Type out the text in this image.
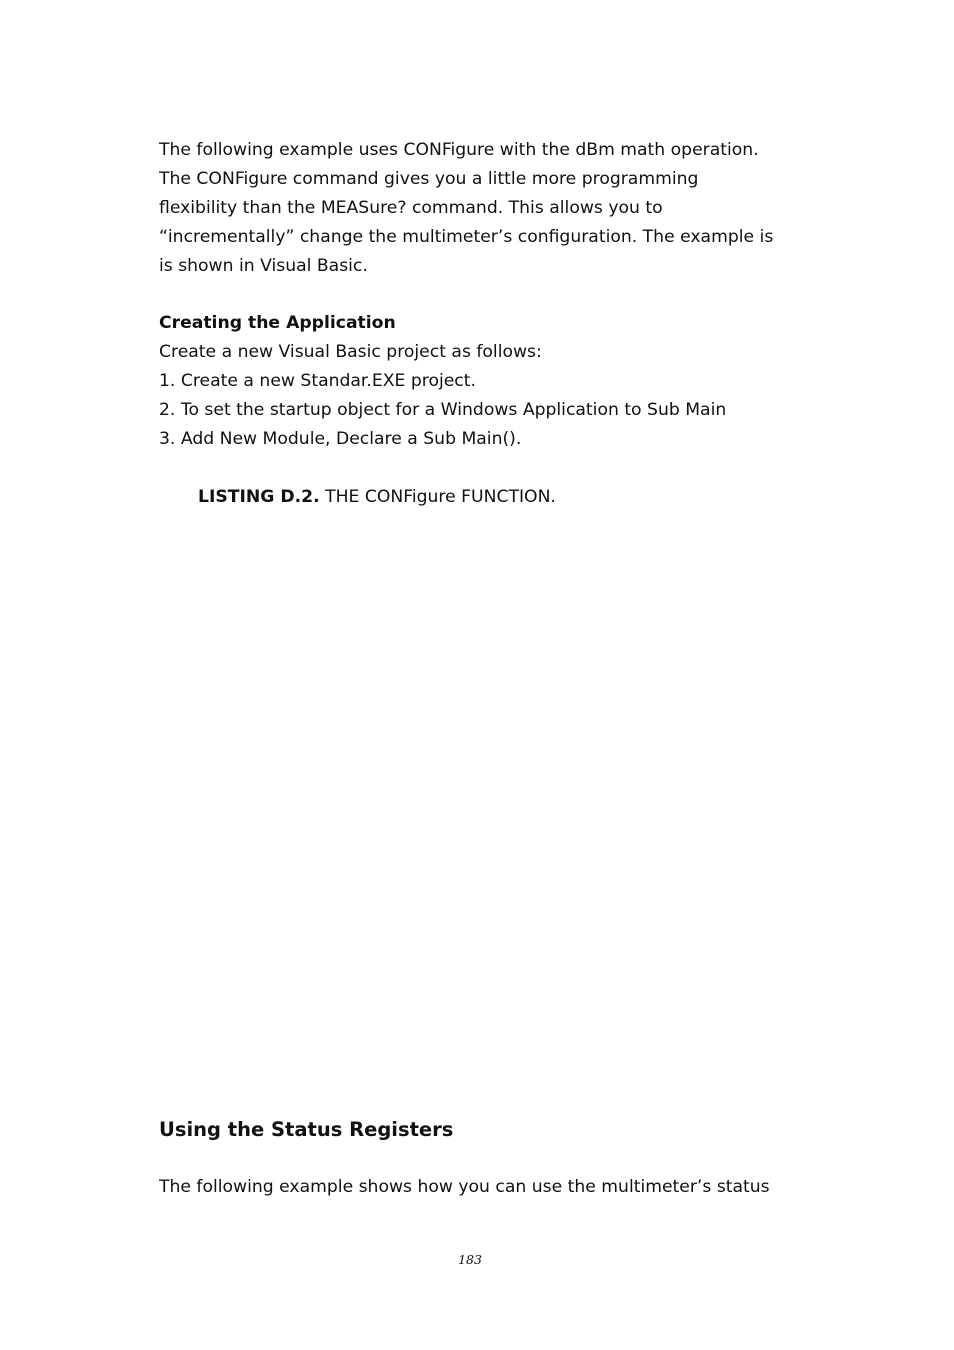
The following example uses CONFigure with the dBm math operation.
The CONFigure command gives you a little more programming
flexibility than the MEASure? command. This allows you to
“incrementally” change the multimeter’s configuration. The example is
is shown in Visual Basic.
Creating the Application
Create a new Visual Basic project as follows:
1. Create a new Standar.EXE project.
2. To set the startup object for a Windows Application to Sub Main
3. Add New Module, Declare a Sub Main().
LISTING D.2. THE CONFigure FUNCTION.
Using the Status Registers
The following example shows how you can use the multimeter’s status
183
